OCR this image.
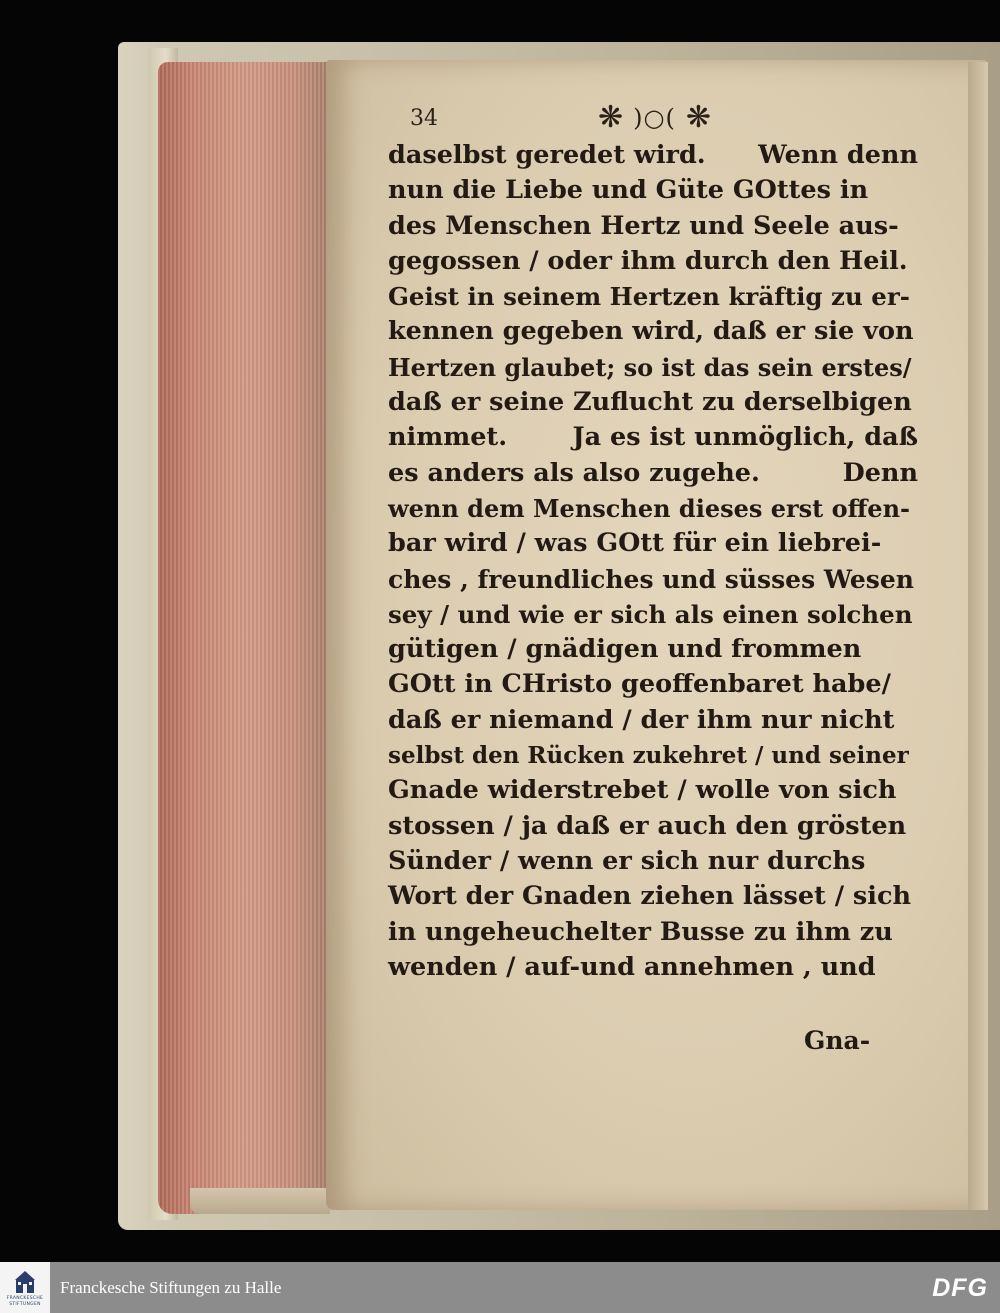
34	❋ )○( ❋
daselbst geredet wird. Wenn denn
nun die Liebe und Güte GOttes in
des Menschen Hertz und Seele aus-
gegossen / oder ihm durch den Heil.
Geist in seinem Hertzen kräftig zu er-
kennen gegeben wird, daß er sie von
Hertzen glaubet; so ist das sein erstes/
daß er seine Zuflucht zu derselbigen
nimmet.	Ja es ist unmöglich, daß
es anders als also zugehe.	Denn
wenn dem Menschen dieses erst offen-
bar wird / was GOtt für ein liebrei-
ches , freundliches und süsses Wesen
sey / und wie er sich als einen solchen
gütigen / gnädigen und frommen
GOtt in CHristo geoffenbaret habe/
daß er niemand / der ihm nur nicht
selbst den Rücken zukehret / und seiner
Gnade widerstrebet / wolle von sich
stossen / ja daß er auch den grösten
Sünder / wenn er sich nur durchs
Wort der Gnaden ziehen lässet / sich
in ungeheuchelter Busse zu ihm zu
wenden / auf-und annehmen , und
Gna-
FRANCKESCHE
STIFTUNGEN
Franckesche Stiftungen zu Halle	DFG
